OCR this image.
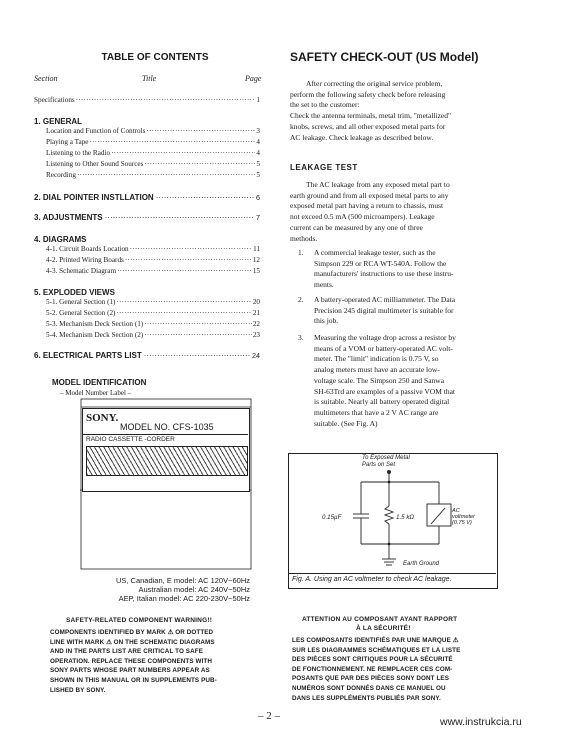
TABLE OF CONTENTS
Section	Title	Page
Specifications ·····	1
1. GENERAL
Location and Function of Controls ·····	3
Playing a Tape ·····	4
Listening to the Radio ·····	4
Listening to Other Sound Sources ·····	5
Recording ·····	5
2. DIAL POINTER INSTLLATION ·····	6
3. ADJUSTMENTS ·····	7
4. DIAGRAMS
4-1. Circuit Boards Location ·····	11
4-2. Printed Wiring Boards ·····	12
4-3. Schematic Diagram ·····	15
5. EXPLODED VIEWS
5-1. General Section (1) ·····	20
5-2. General Section (2) ·····	21
5-3. Mechanism Deck Section (1) ·····	22
5-4. Mechanism Deck Section (2) ·····	23
6. ELECTRICAL PARTS LIST ·····	24
MODEL IDENTIFICATION
– Model Number Label –
SONY.
MODEL NO. CFS-1035
RADIO CASSETTE -CORDER
US, Canadian, E model: AC 120V~60Hz
Australian model: AC 240V~50Hz
AEP, Italian model: AC 220-230V~50Hz
SAFETY-RELATED COMPONENT WARNING!!
COMPONENTS IDENTIFIED BY MARK ⚠ OR DOTTED
LINE WITH MARK ⚠ ON THE SCHEMATIC DIAGRAMS
AND IN THE PARTS LIST ARE CRITICAL TO SAFE
OPERATION. REPLACE THESE COMPONENTS WITH
SONY PARTS WHOSE PART NUMBERS APPEAR AS
SHOWN IN THIS MANUAL OR IN SUPPLEMENTS PUB-
LISHED BY SONY.
SAFETY CHECK-OUT (US Model)
After correcting the original service problem,
perform the following safety check before releasing
the set to the customer:
Check the antenna terminals, metal trim, "metallized"
knobs, screws, and all other exposed metal parts for
AC leakage. Check leakage as described below.
LEAKAGE TEST
The AC leakage from any exposed metal part to
earth ground and from all exposed metal parts to any
exposed metal part having a return to chassis, must
not exceed 0.5 mA (500 microampers). Leakage
current can be measured by any one of three
methods.
1. A commercial leakage tester, such as the
Simpson 229 or RCA WT-540A. Follow the
manufacturers' instructions to use these instru-
ments.
2. A battery-operated AC milliammeter. The Data
Precision 245 digital multimeter is suitable for
this job.
3. Measuring the voltage drop across a resistor by
means of a VOM or battery-operated AC volt-
meter. The "limit" indication is 0.75 V, so
analog meters must have an accurate low-
voltage scale. The Simpson 250 and Sanwa
SH-63Trd are examples of a passive VOM that
is suitable. Nearly all battery operated digital
multimeters that have a 2 V AC range are
suitable. (See Fig. A)
To Exposed Metal
Parts on Set
0.15µF	1.5 kΩ
AC
voltmeter
(0.75 V)
Earth Ground
Fig. A. Using an AC voltmeter to check AC leakage.
ATTENTION AU COMPOSANT AYANT RAPPORT
À LA SÉCURITÉ!
LES COMPOSANTS IDENTIFIÉS PAR UNE MARQUE ⚠
SUR LES DIAGRAMMES SCHÉMATIQUES ET LA LISTE
DES PIÈCES SONT CRITIQUES POUR LA SÉCURITÉ
DE FONCTIONNEMENT. NE REMPLACER CES COM-
POSANTS QUE PAR DES PIÈCES SONY DONT LES
NUMÉROS SONT DONNÉS DANS CE MANUEL OU
DANS LES SUPPLÉMENTS PUBLIÉS PAR SONY.
– 2 –	www.instrukcia.ru
